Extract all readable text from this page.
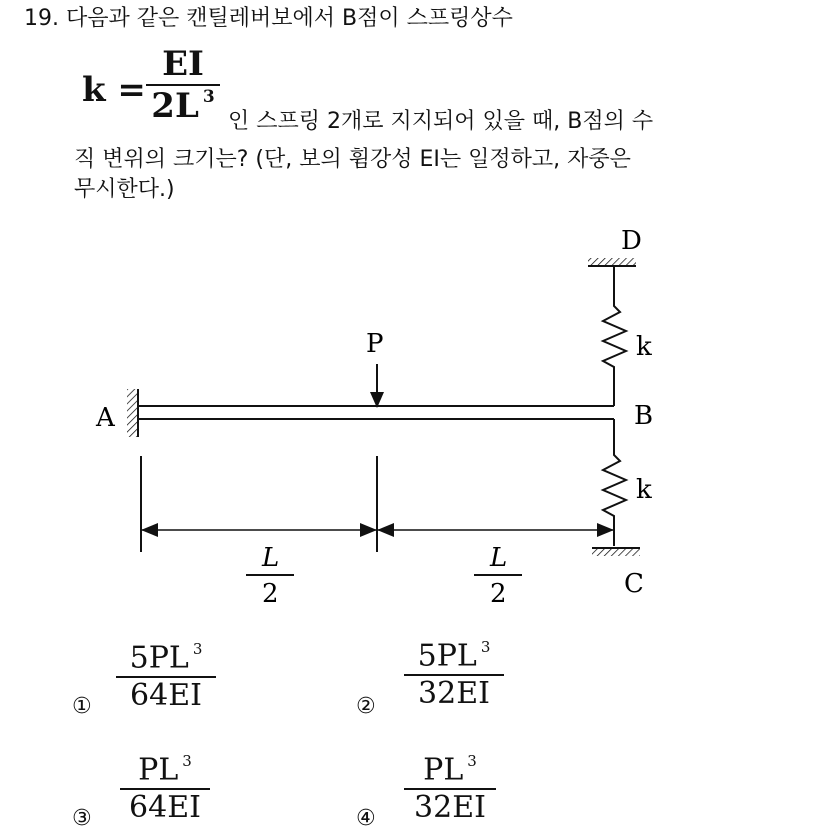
19. 다음과 같은 캔틸레버보에서 B점이 스프링상수
k =
EI
2L $^3$
인 스프링 2개로 지지되어 있을 때, B점의 수
직 변위의 크기는? (단, 보의 휨강성 EI는 일정하고, 자중은
무시한다.)
A	B
C
D
P	k
k
L
2
L
2
①
5PL $^3$
64EI	②
5PL $^3$
32EI
③
PL $^3$
64EI	④
PL $^3$
32EI
